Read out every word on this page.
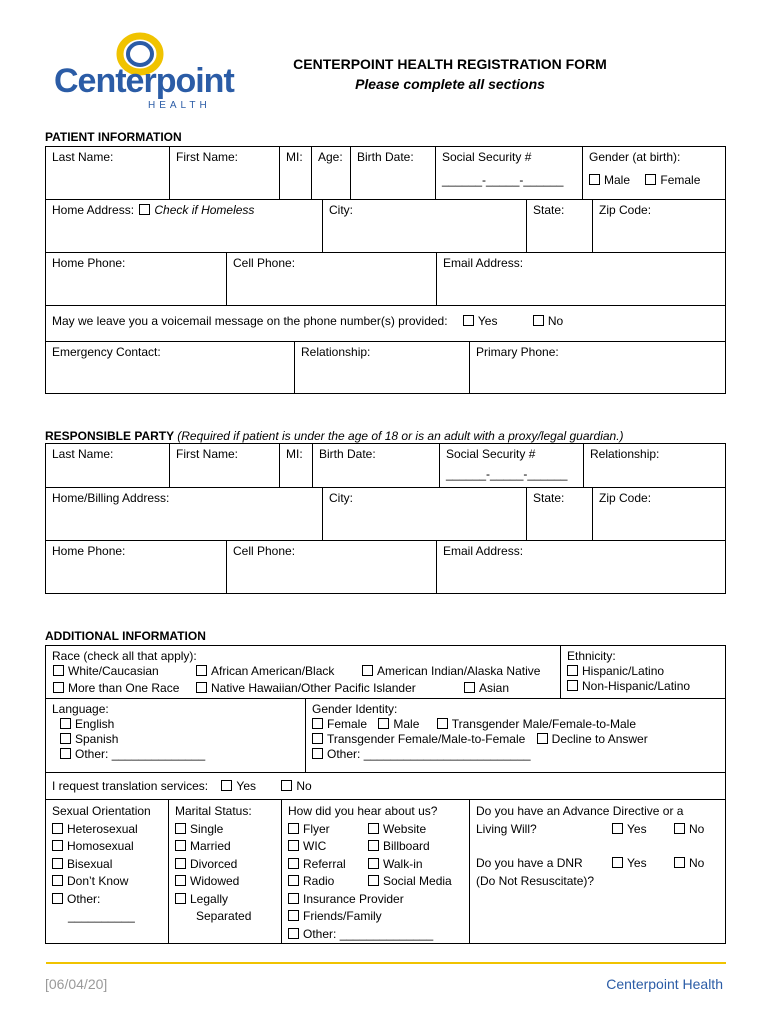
Centerpoint
HEALTH
CENTERPOINT HEALTH REGISTRATION FORM
Please complete all sections
PATIENT INFORMATION
Last Name:	First Name:	MI:	Age:	Birth Date:	Social Security #
______-_____-______
Gender (at birth):
Male	Female
Home Address: Check if Homeless	City:	State:	Zip Code:
Home Phone:	Cell Phone:	Email Address:
May we leave you a voicemail message on the phone number(s) provided:	Yes	No
Emergency Contact:	Relationship:	Primary Phone:
RESPONSIBLE PARTY (Required if patient is under the age of 18 or is an adult with a proxy/legal guardian.)
Last Name:	First Name:	MI:	Birth Date:	Social Security #
______-_____-______
Relationship:
Home/Billing Address:	City:	State:	Zip Code:
Home Phone:	Cell Phone:	Email Address:
ADDITIONAL INFORMATION
Race (check all that apply):
White/Caucasian	African American/Black	American Indian/Alaska Native
More than One Race	Native Hawaiian/Other Pacific Islander	Asian
Ethnicity:
Hispanic/Latino
Non-Hispanic/Latino
Language:
English
Spanish
Other: ______________
Gender Identity:
Female Male	Transgender Male/Female-to-Male
Transgender Female/Male-to-Female Decline to Answer
Other: _________________________
I request translation services: Yes	No
Sexual Orientation
Heterosexual
Homosexual
Bisexual
Don’t Know
Other:
__________
Marital Status:
Single
Married
Divorced
Widowed
Legally
Separated
How did you hear about us?
Flyer	Website
WIC	Billboard
Referral	Walk-in
Radio	Social Media
Insurance Provider
Friends/Family
Other: ______________
Do you have an Advance Directive or a
Living Will?	Yes	No

Do you have a DNR	Yes	No
(Do Not Resuscitate)?
[06/04/20]	Centerpoint Health
